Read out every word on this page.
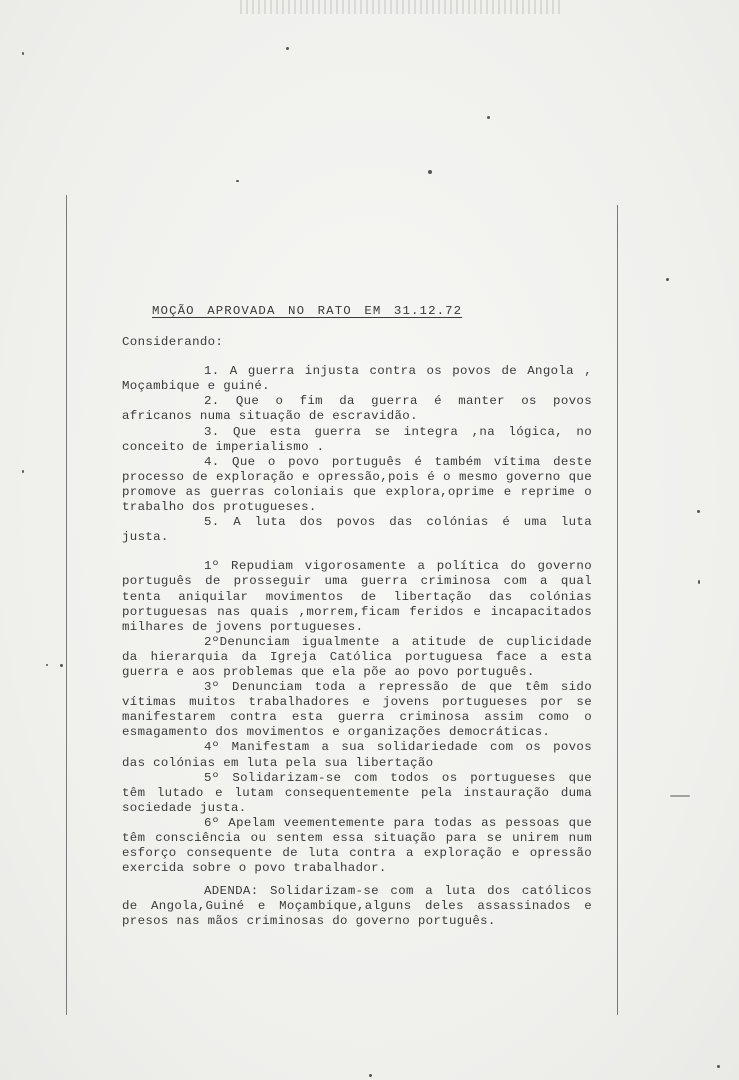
MOÇÃO APROVADA NO RATO EM 31.12.72
Considerando:

1. A guerra injusta contra os povos de Angola , Moçambique e guiné.

2. Que o fim da guerra é manter os povos africanos numa situação de escravidão.

3. Que esta guerra se integra ,na lógica, no conceito de imperialismo .

4. Que o povo português é também vítima deste processo de exploração e opressão,pois é o mesmo governo que promove as guerras coloniais que explora,oprime e reprime o trabalho dos protugueses.

5. A luta dos povos das colónias é uma luta justa.

1º Repudiam vigorosamente a política do governo português de prosseguir uma guerra criminosa com a qual tenta aniquilar movimentos de libertação das colónias portuguesas nas quais ,morrem,ficam feridos e incapacitados milhares de jovens portugueses.

2ºDenunciam igualmente a atitude de cuplicidade da hierarquia da Igreja Católica portuguesa face a esta guerra e aos problemas que ela põe ao povo português.

3º Denunciam toda a repressão de que têm sido vítimas muitos trabalhadores e jovens portugueses por se manifestarem contra esta guerra criminosa assim como o esmagamento dos movimentos e organizações democráticas.

4º Manifestam a sua solidariedade com os povos das colónias em luta pela sua libertação

5º Solidarizam-se com todos os portugueses que têm lutado e lutam consequentemente pela instauração duma sociedade justa.

6º Apelam veementemente para todas as pessoas que têm consciência ou sentem essa situação para se unirem num esforço consequente de luta contra a exploração e opressão exercida sobre o povo trabalhador.

ADENDA: Solidarizam-se com a luta dos católicos de Angola,Guiné e Moçambique,alguns deles assassinados e presos nas mãos criminosas do governo português.
